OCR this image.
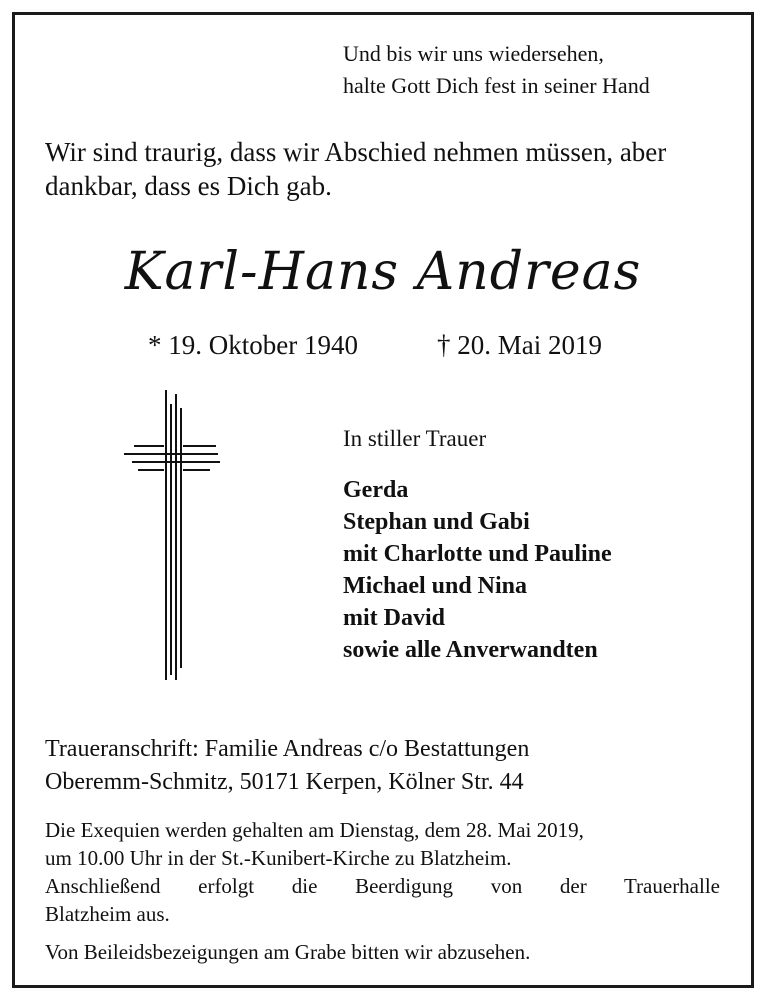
Und bis wir uns wiedersehen,
halte Gott Dich fest in seiner Hand
Wir sind traurig, dass wir Abschied nehmen müssen, aber
dankbar, dass es Dich gab.
Karl-Hans Andreas
* 19. Oktober 1940	† 20. Mai 2019
In stiller Trauer
Gerda
Stephan und Gabi
mit Charlotte und Pauline
Michael und Nina
mit David
sowie alle Anverwandten
Traueranschrift: Familie Andreas c/o Bestattungen
Oberemm-Schmitz, 50171 Kerpen, Kölner Str. 44
Die Exequien werden gehalten am Dienstag, dem 28. Mai 2019,
um 10.00 Uhr in der St.-Kunibert-Kirche zu Blatzheim.
Anschließend erfolgt die Beerdigung von der Trauerhalle
Blatzheim aus.
Von Beileidsbezeigungen am Grabe bitten wir abzusehen.
